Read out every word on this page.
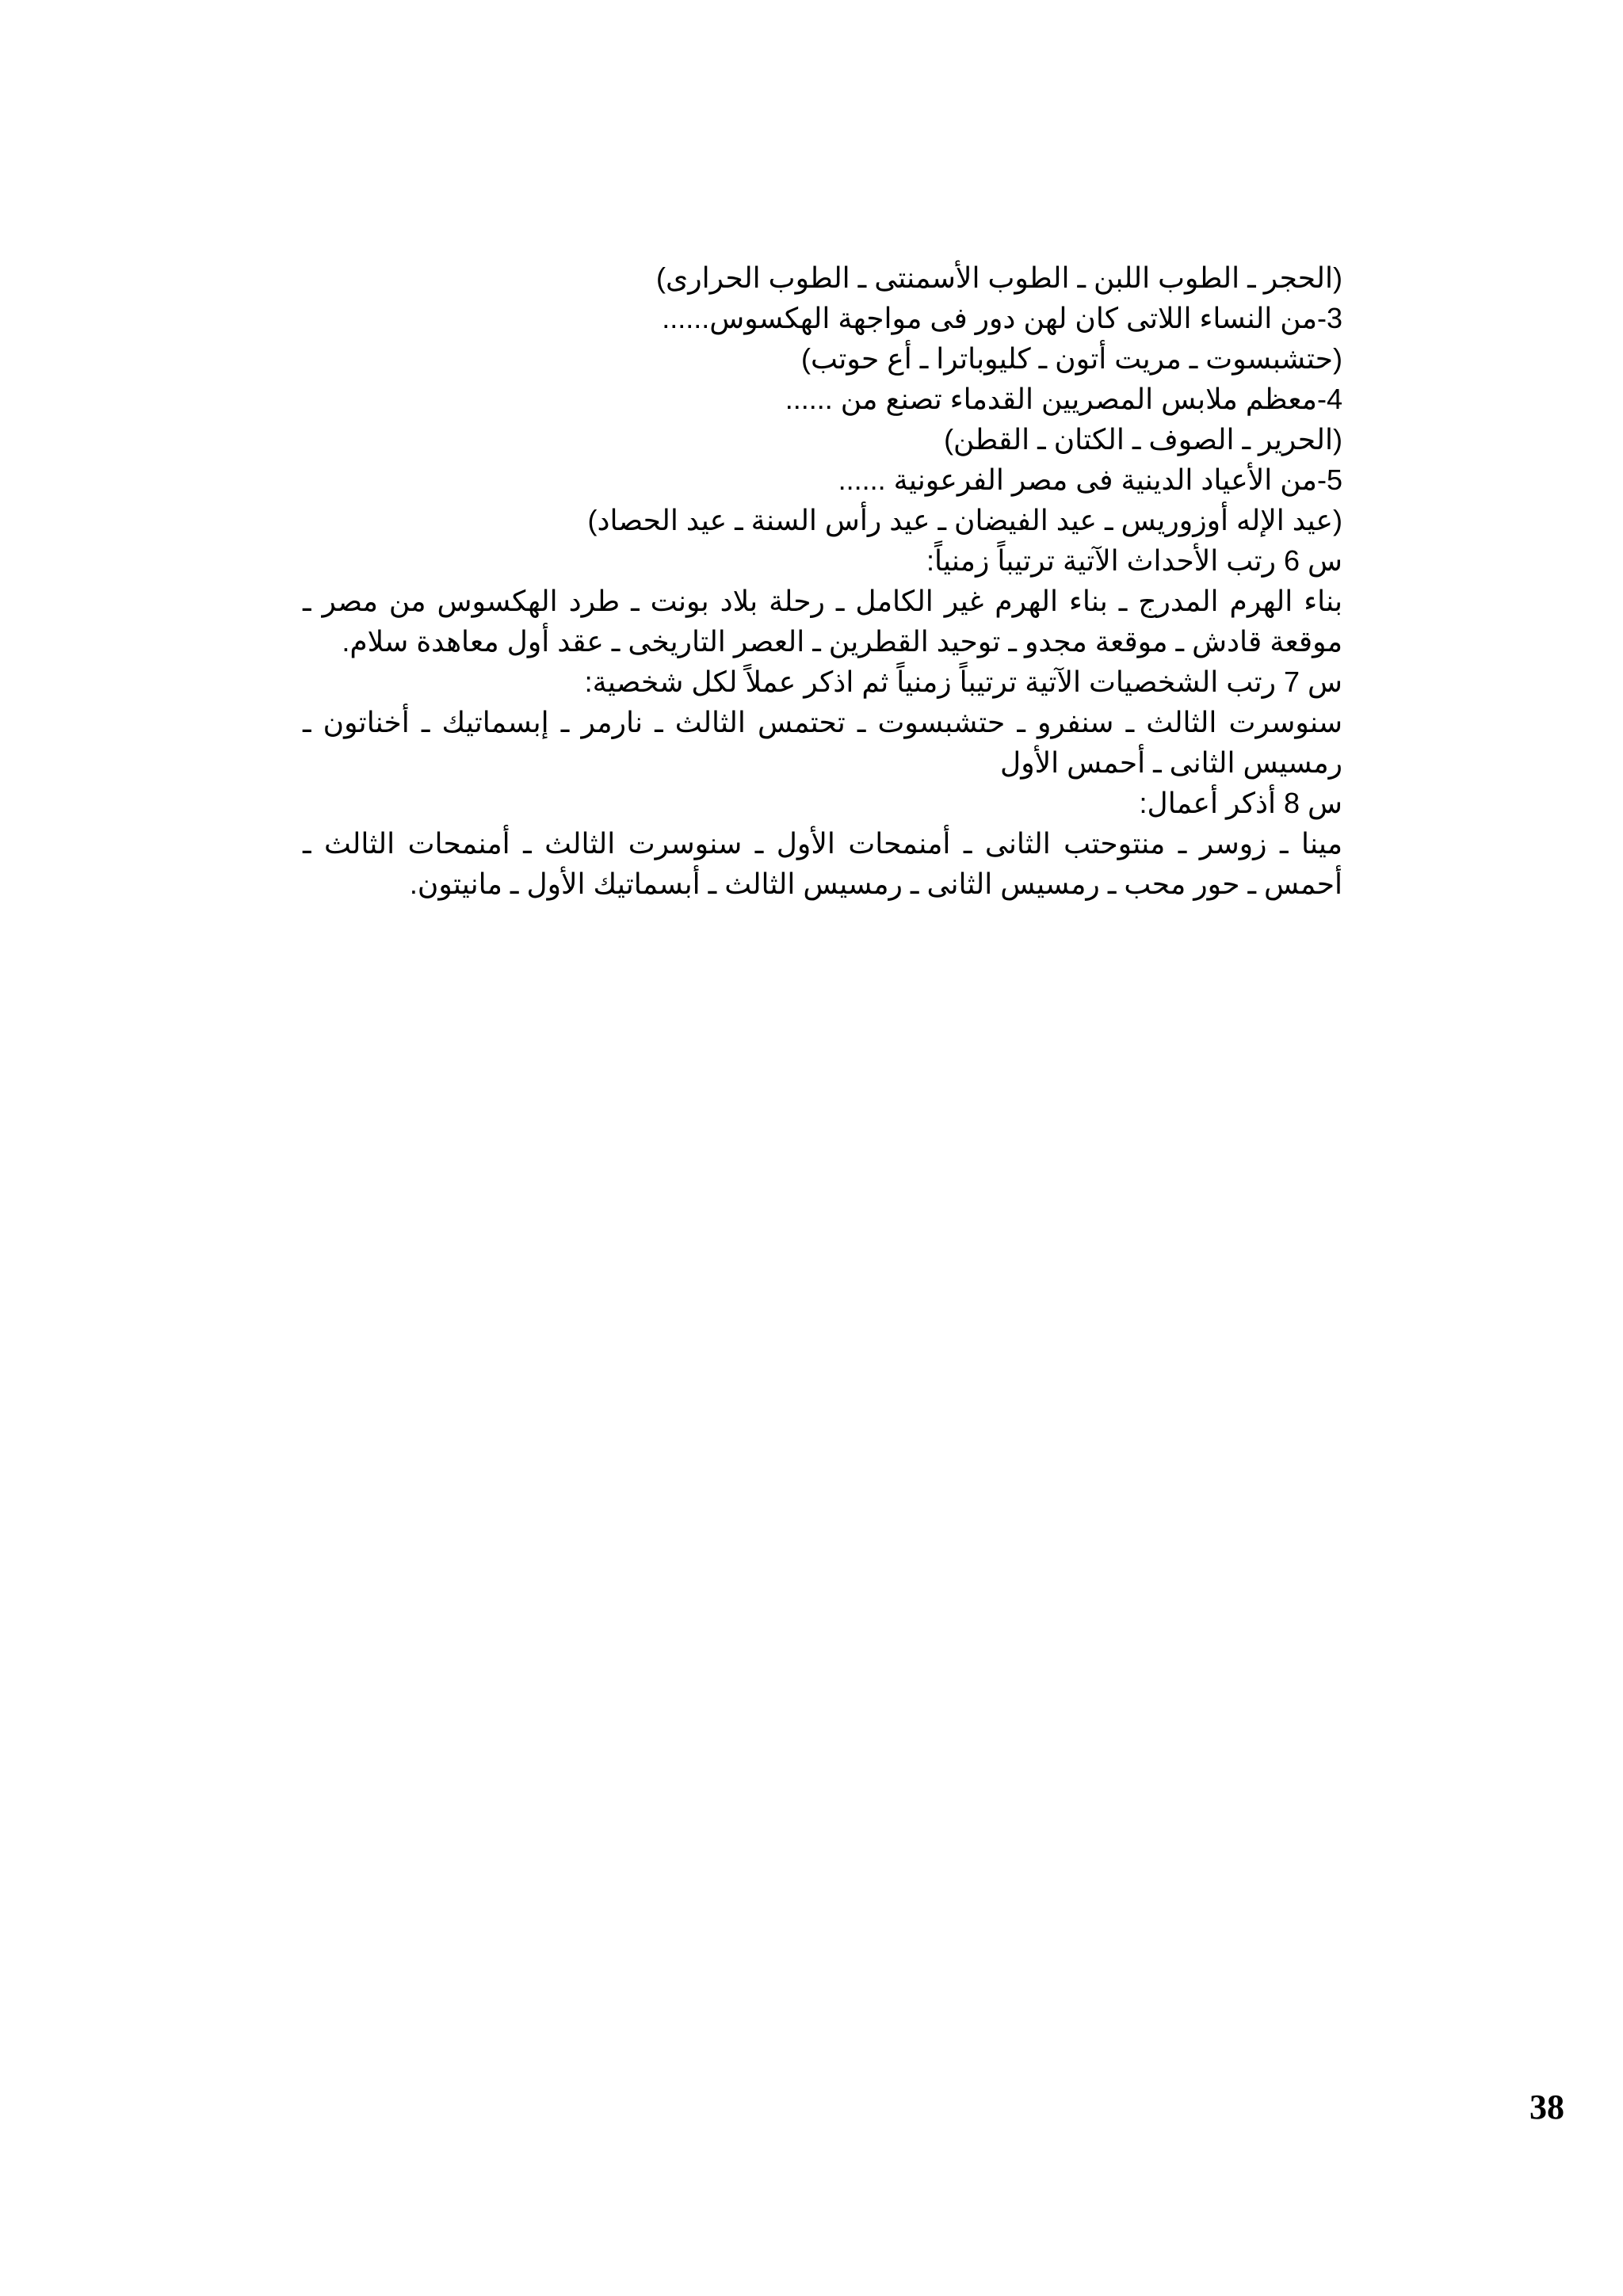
(الحجر ـ الطوب اللبن ـ الطوب الأسمنتى ـ الطوب الحرارى)
3-من النساء اللاتى كان لهن دور فى مواجهة الهكسوس......
(حتشبسوت ـ مريت أتون ـ كليوباترا ـ أع حوتب)
4-معظم ملابس المصريين القدماء تصنع من ......
(الحرير ـ الصوف ـ الكتان ـ القطن)
5-من الأعياد الدينية فى مصر الفرعونية ......
(عيد الإله أوزوريس ـ عيد الفيضان ـ عيد رأس السنة ـ عيد الحصاد)
س 6 رتب الأحداث الآتية ترتيباً زمنياً:
بناء الهرم المدرج ـ بناء الهرم غير الكامل ـ رحلة بلاد بونت ـ طرد الهكسوس من مصر ـ
موقعة قادش ـ موقعة مجدو ـ توحيد القطرين ـ العصر التاريخى ـ عقد أول معاهدة سلام.
س 7 رتب الشخصيات الآتية ترتيباً زمنياً ثم اذكر عملاً لكل شخصية:
سنوسرت الثالث ـ سنفرو ـ حتشبسوت ـ تحتمس الثالث ـ نارمر ـ إبسماتيك ـ أخناتون ـ
رمسيس الثانى ـ أحمس الأول
س 8 أذكر أعمال:
مينا ـ زوسر ـ منتوحتب الثانى ـ أمنمحات الأول ـ سنوسرت الثالث ـ أمنمحات الثالث ـ
أحمس ـ حور محب ـ رمسيس الثانى ـ رمسيس الثالث ـ أبسماتيك الأول ـ مانيتون.
38
